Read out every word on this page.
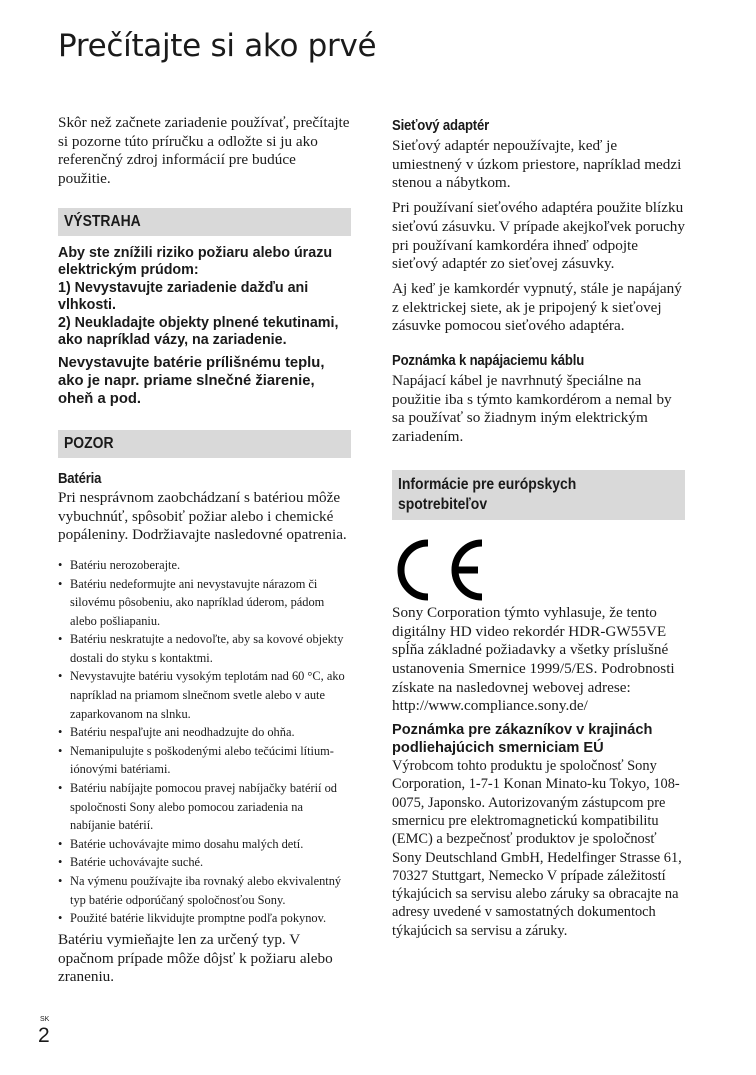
Prečítajte si ako prvé

Skôr než začnete zariadenie používať, prečítajte si pozorne túto príručku a odložte si ju ako referenčný zdroj informácií pre budúce použitie.

VÝSTRAHA

Aby ste znížili riziko požiaru alebo úrazu elektrickým prúdom:

1) Nevystavujte zariadenie dažďu ani vlhkosti.

2) Neukladajte objekty plnené tekutinami, ako napríklad vázy, na zariadenie.

Nevystavujte batérie prílišnému teplu, ako je napr. priame slnečné žiarenie, oheň a pod.

POZOR

Batéria

Pri nesprávnom zaobchádzaní s batériou môže vybuchnúť, spôsobiť požiar alebo i chemické popáleniny. Dodržiavajte nasledovné opatrenia.

• Batériu nerozoberajte.
• Batériu nedeformujte ani nevystavujte nárazom či silovému pôsobeniu, ako napríklad úderom, pádom alebo pošliapaniu.
• Batériu neskratujte a nedovoľte, aby sa kovové objekty dostali do styku s kontaktmi.
• Nevystavujte batériu vysokým teplotám nad 60 °C, ako napríklad na priamom slnečnom svetle alebo v aute zaparkovanom na slnku.
• Batériu nespaľujte ani neodhadzujte do ohňa.
• Nemanipulujte s poškodenými alebo tečúcimi lítium-iónovými batériami.
• Batériu nabíjajte pomocou pravej nabíjačky batérií od spoločnosti Sony alebo pomocou zariadenia na nabíjanie batérií.
• Batérie uchovávajte mimo dosahu malých detí.
• Batérie uchovávajte suché.
• Na výmenu používajte iba rovnaký alebo ekvivalentný typ batérie odporúčaný spoločnosťou Sony.
• Použité batérie likvidujte promptne podľa pokynov.

Batériu vymieňajte len za určený typ. V opačnom prípade môže dôjsť k požiaru alebo zraneniu.

Sieťový adaptér

Sieťový adaptér nepoužívajte, keď je umiestnený v úzkom priestore, napríklad medzi stenou a nábytkom.

Pri používaní sieťového adaptéra použite blízku sieťovú zásuvku. V prípade akejkoľvek poruchy pri používaní kamkordéra ihneď odpojte sieťový adaptér zo sieťovej zásuvky.

Aj keď je kamkordér vypnutý, stále je napájaný z elektrickej siete, ak je pripojený k sieťovej zásuvke pomocou sieťového adaptéra.

Poznámka k napájaciemu káblu

Napájací kábel je navrhnutý špeciálne na použitie iba s týmto kamkordérom a nemal by sa používať so žiadnym iným elektrickým zariadením.

Informácie pre európskych spotrebiteľov

Sony Corporation týmto vyhlasuje, že tento digitálny HD video rekordér HDR-GW55VE spĺňa základné požiadavky a všetky príslušné ustanovenia Smernice 1999/5/ES. Podrobnosti získate na nasledovnej webovej adrese:

http://www.compliance.sony.de/

Poznámka pre zákazníkov v krajinách podliehajúcich smerniciam EÚ

Výrobcom tohto produktu je spoločnosť Sony Corporation, 1-7-1 Konan Minato-ku Tokyo, 108-0075, Japonsko. Autorizovaným zástupcom pre smernicu pre elektromagnetickú kompatibilitu (EMC) a bezpečnosť produktov je spoločnosť Sony Deutschland GmbH, Hedelfinger Strasse 61, 70327 Stuttgart, Nemecko V prípade záležitostí týkajúcich sa servisu alebo záruky sa obracajte na adresy uvedené v samostatných dokumentoch týkajúcich sa servisu a záruky.

SK
2
